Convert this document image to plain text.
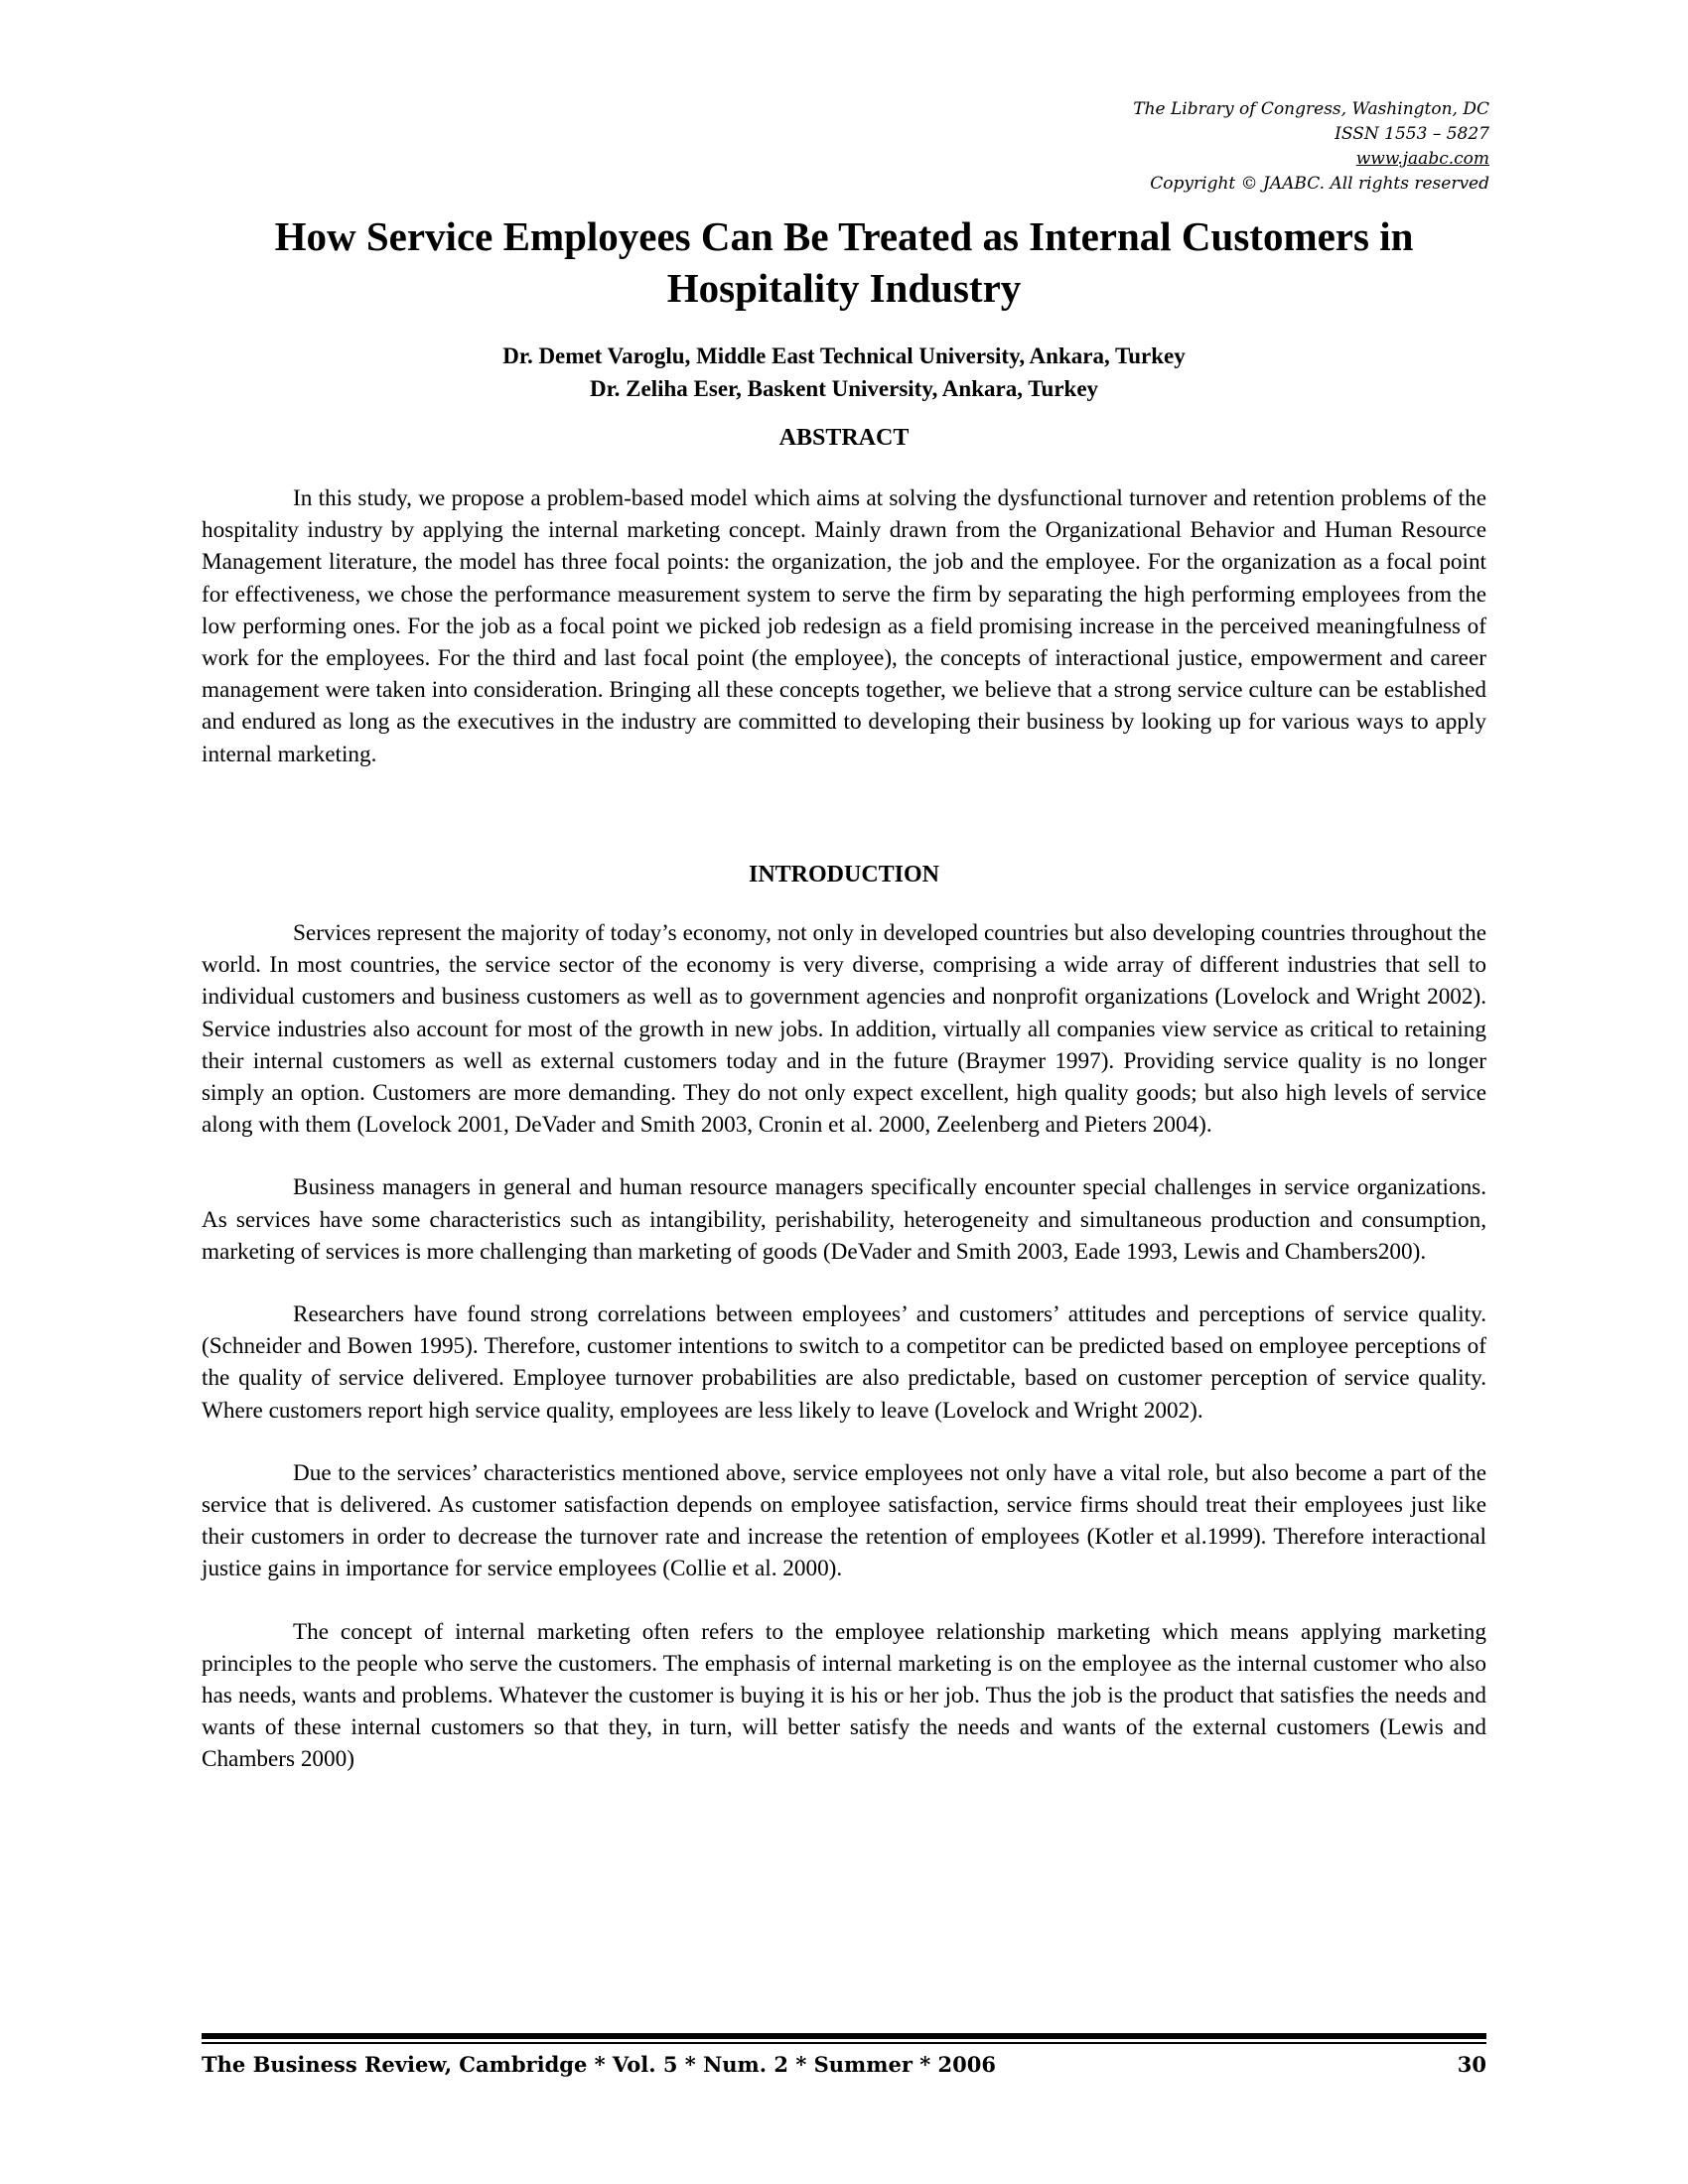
The Library of Congress, Washington, DC
ISSN 1553 – 5827
www.jaabc.com
Copyright © JAABC. All rights reserved
How Service Employees Can Be Treated as Internal Customers in Hospitality Industry
Dr. Demet Varoglu, Middle East Technical University, Ankara, Turkey
Dr. Zeliha Eser, Baskent University, Ankara, Turkey
ABSTRACT

In this study, we propose a problem-based model which aims at solving the dysfunctional turnover and retention problems of the hospitality industry by applying the internal marketing concept. Mainly drawn from the Organizational Behavior and Human Resource Management literature, the model has three focal points: the organization, the job and the employee. For the organization as a focal point for effectiveness, we chose the performance measurement system to serve the firm by separating the high performing employees from the low performing ones. For the job as a focal point we picked job redesign as a field promising increase in the perceived meaningfulness of work for the employees. For the third and last focal point (the employee), the concepts of interactional justice, empowerment and career management were taken into consideration. Bringing all these concepts together, we believe that a strong service culture can be established and endured as long as the executives in the industry are committed to developing their business by looking up for various ways to apply internal marketing.

INTRODUCTION

Services represent the majority of today’s economy, not only in developed countries but also developing countries throughout the world. In most countries, the service sector of the economy is very diverse, comprising a wide array of different industries that sell to individual customers and business customers as well as to government agencies and nonprofit organizations (Lovelock and Wright 2002). Service industries also account for most of the growth in new jobs. In addition, virtually all companies view service as critical to retaining their internal customers as well as external customers today and in the future (Braymer 1997). Providing service quality is no longer simply an option. Customers are more demanding. They do not only expect excellent, high quality goods; but also high levels of service along with them (Lovelock 2001, DeVader and Smith 2003, Cronin et al. 2000, Zeelenberg and Pieters 2004).

Business managers in general and human resource managers specifically encounter special challenges in service organizations. As services have some characteristics such as intangibility, perishability, heterogeneity and simultaneous production and consumption, marketing of services is more challenging than marketing of goods (DeVader and Smith 2003, Eade 1993, Lewis and Chambers200).

Researchers have found strong correlations between employees’ and customers’ attitudes and perceptions of service quality. (Schneider and Bowen 1995). Therefore, customer intentions to switch to a competitor can be predicted based on employee perceptions of the quality of service delivered. Employee turnover probabilities are also predictable, based on customer perception of service quality. Where customers report high service quality, employees are less likely to leave (Lovelock and Wright 2002).

Due to the services’ characteristics mentioned above, service employees not only have a vital role, but also become a part of the service that is delivered. As customer satisfaction depends on employee satisfaction, service firms should treat their employees just like their customers in order to decrease the turnover rate and increase the retention of employees (Kotler et al.1999). Therefore interactional justice gains in importance for service employees (Collie et al. 2000).

The concept of internal marketing often refers to the employee relationship marketing which means applying marketing principles to the people who serve the customers. The emphasis of internal marketing is on the employee as the internal customer who also has needs, wants and problems. Whatever the customer is buying it is his or her job. Thus the job is the product that satisfies the needs and wants of these internal customers so that they, in turn, will better satisfy the needs and wants of the external customers (Lewis and Chambers 2000)

The Business Review, Cambridge * Vol. 5 * Num. 2 * Summer * 2006	30
